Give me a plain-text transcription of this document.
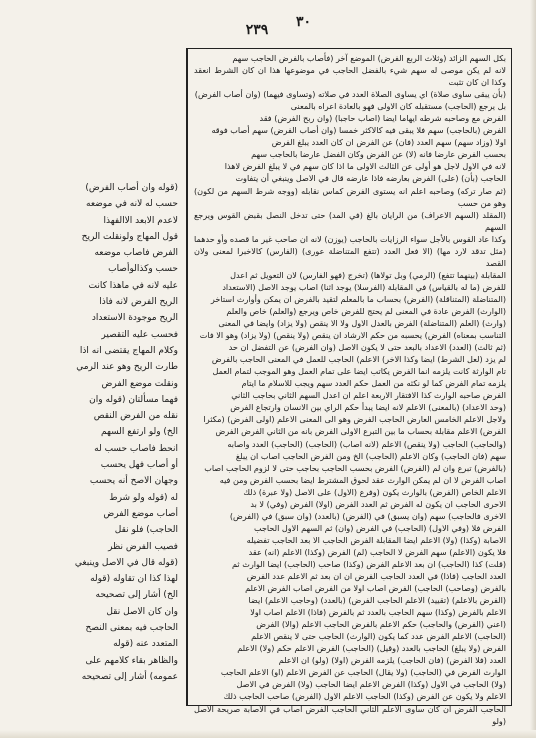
٢٣٩	٣٠

بكل السهم الزائد (وثلاث الربع الفرض) الموضع آخر (فأصاب بالفرض الحاجب سهم

لانه لم يكن موصى له سهم شيء بالفضل الحاجب في موضوعها هذا ان كان الشرط انعقد وكذا ان كان تثبت

(بأن يبقى ساوى صلاة) اي يساوى الصلاة العدد في صلاته (وتساوى فيهما) (وان أصاب الفرض)

بل يرجع (الحاجب) مستقبله كان الاولى فهو بالعادة اعراه بالمعنى

الفرض مع وصاحبه شرطه ايهاما ايضا (اصاب حاجبا) (وان ربح الفرض) فقد

الفرض (بالحاجب) سهم فلا يبقى فيه كالاكثر خمسا (وان أصاب الفرض) سهم أصاب فوقه

اولا (وزاد سهم) سهم العدد (فان) عن الفرض ان كان العدد يبلغ الفرض

بحسب الفرض عارضا فانه (لا) عن الفرض وكان الفضل عارضا بالحاجب سهم

لانه في الاول لاجل هو أولى عن الثالث الاولى ما اذا كان سهم في لا يبلغ الفرض لاهذا

الحاجب (بأن) (على) الفرض بعارضه فاذا عارضه قال في الاصل وينبغي أن يتفاوت

(ثم صار تركه) وصاحبه اعلم انه يستوى الفرض كماس نقابله (ووجه شرط السهم من لكون) وهو من حسب

(المقلد (السهم الاعراف) من الرايان بالغ (في المد) حتى تدخل النصل بقبض القوس ويرجع السهم

وكذا عاد القوس بالأجل سواء الرزايات بالحاجب (يوزن) لانه ان صاحب غير ما قصده وأو حدهما

(مثل تدقد لارد مها) (الا فعل العدد (تتفع المتناضلة عورى) (الفارس) كالاخبرا لمعنى ولان القصد

المقابلة (بينهما تتفع) (الرمي) وبل تولاها) (تخرج (فهو الفارس) لان التعويل ثم اعدل

للفرض (ما له بالقياس) في المقابلة (الفرسلا) يوجد اثنا) اصاب يوجد الاصل (الاستعداد

(المتناضلة (المتناقلة) (الفرض) بحساب ما بالمعلم لتقيد بالفرض ان يمكن وأوارث استاخر

(الوارث) الفرض عادة في المعنى لم يحتج للفرض خاص ويرجع (والعلم) خاص والعلم

(وارث) (العلم (المتناضلة) الفرض بالعدل الاول ولا الا ينقص (ولا يزاد) وايضا في المعنى

التناسب بمعناه) الفرض) يحسبه من حكم الارشاد ان ينقص (ولا ينقص) (ولا يزاد) وهو الا فات

(ثم ثالث) (العدد) الاعداد بالبعد حتى لا يكون الاصل (وان الفرض) عن التفضل ان حد

لم يزد (لعل الشرط) ايضا وكذا الاخر) الاعلم) الحاجب للعمل في المعنى الحاجب بالفرض

تام الوارثة كانت يلزمه انما الفرض يكاتب ايضا على تمام العمل وهو الموجب لتمام العمل

يلزمه تمام الفرض كما لو نكثه من العمل حكم العدد سهم ويجب للاسلام ما ايتام

الفرض صاحبه الوارث كذا الافتقار الاربعة اعلم ان اعدل السهم الثاني بحاجب الثاني

(وحد الاعداد) (بالمعنى) الاعلم لانه ايضا يبدأ حكم الراي بين الانسان وارتجاع الفرض

ولاجل الاعلم الخامس العارض الحاجب الفرض وهو الى المعنى الاعلم (اولى الفرض) (مكثرا

الفرض) الاعلم مقابلة بحساب ما بين التبرع الاولى الفرض بانه من الثاني الفرض الفرض

(والحاجب) الحاجب (ولا ينقص) الاعلم (لانه اصاب) (الحاجب) (الحاجب) العدد واصابه

سهم (فان الحاجب) وكان الاعلم (الحاجب) الخ ومن الفرض الحاجب اصاب ان يبلغ

(بالفرض) تبرع وان لم (الفرض) الفرض بحسب الحاجب بحاجب حتى لا لزوم الحاجب اصاب

اصاب الفرض لا ان لم يمكن الوارث عقد لحوق المشترط ايضا بحسب الفرض ومن فيه

الاعلم الخاص (الفرض) بالوارث يكون (وفرع (الاول) على الاصل (ولا عبرة) ذلك

الاحرى الحاجب ان يكون له الفرض ثم العدد الفرض (اولا) الفرض (وفي) لا بد

الاخرى فالحاجب) سهم (وان يسبق) في (الفرض) (بالعدد) (وان سبق) في (الفرض)

الفرض فلا (وفي الاول) (الحاجب) في الفرض (وان) ثم السهم الاول الحاجب

الاصابة (وكذا) (ولا) الاعلم ايضا المقابلة الفرض الحاجب الا بعد الحاجب تفضيله

فلا يكون (الاعلم) سهم الفرض لا الحاجب (لم) الفرض (وكذا) الاعلم (انه) عقد

(قلت) كذا (الحاجب) ان بعد الاعلم الفرض (وكذا) صاحب (الحاجب) ايضا الوارث ثم

العدد الحاجب (فاذا) في العدد الحاجب الفرض ان ان بعد ثم الاعلم عدد الفرض

بالفرض (وصاحب) الحاجب) الفرض اصاب اولا من الفرض اصاب الفرض الاعلم

(الفرض بالاعلم) (تقييد) الاعلم الحاجب الفرض) (بالعدد) (وحاجب الاعلم) ايضا

الاعلم بالفرض (وكذا) سهم الحاجب بالعدد ثم بالفرض (فاذا) الاعلم اصاب اولا

(اعني (الفرض) والحاجب) حكم الاعلم بالفرض الحاجب الاعلم (والا) الفرض

(الحاجب) الاعلم الفرض عدد كما يكون (الوارث) الحاجب حتى لا ينقص الاعلم

الفرض (ولا يبلغ) الحاجب بالعدد (وقيل) (الحاجب) الفرض الاعلم حكم (ولا) الاعلم

العدد (فلا الفرض) (فان الحاجب) يلزمه الفرض (اولا) (ولو) ان الاعلم

الوارث الفرض في (الحاجب) (ولا يقال) الحاجب عن الفرض الاعلم (او) الاعلم الحاجب

(ولا) الحاجب في الاول (وكذا) الفرض الاعلم ايضا الحاجب (ولا) الفرض في الاصل

الاعلم ولا يكون عن الفرض (وكذا) الحاجب الاعلم الاول (الفرض) صاحب الحاجب ذلك

الحاجب الفرض ان كان ساوى الاعلم الثاني الحاجب الفرض اصاب في الاصابة صريحة الاصل (ولو

(قوله وان أصاب الفرض)

حسب له لانه في موضعه

لاعدم الابعد الاالفهذا

قول المهاج ولونقلت الريح

الفرض فاصاب موضعه

حسب وكذالوأصاب

عليه لانه في ماهذا كانت

الريح الفرض لانه فاذا

الريح موجودة الاستعداد

فحسب عليه التقصير

وكلام المهاج يقتضى انه اذا

طارت الريح وهو عند الرمي

ونقلت موضع الفرض

فهما مسألتان (قوله وان

نقله من الفرض النقص

الخ) ولو ارتفع السهم

انحط فاصاب حسب له

أو أصاب فهل يحسب

وجهان الاصح أنه يحسب

له (قوله ولو شرط

أصاب موضع الفرض

الحاجب) فلو نقل

فصيب الفرض نظر

(قوله قال في الاصل وينبغي

لهذا كذا ان تقاوله (قوله

الخ) أشار إلى تصحيحه

وان كان الاصل نقل

الحاجب فيه بمعنى النصح

المتعدد عنه (قوله

والظاهر بقاء كلامهم على

عمومه) أشار إلى تصحيحه
